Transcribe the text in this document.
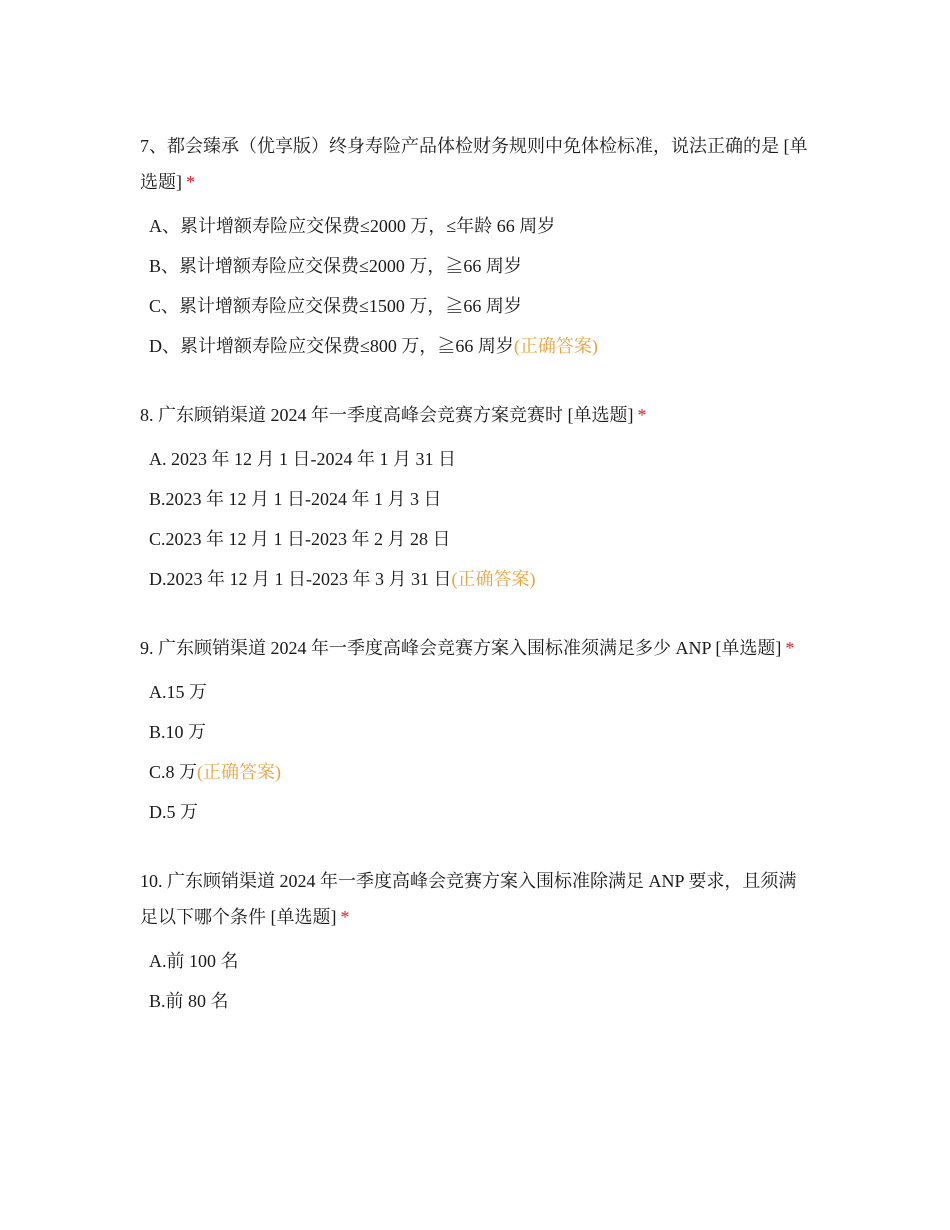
7、都会臻承（优享版）终身寿险产品体检财务规则中免体检标准，说法正确的是 [单选题] *

A、累计增额寿险应交保费≤2000 万，≤年龄 66 周岁
B、累计增额寿险应交保费≤2000 万，≧66 周岁
C、累计增额寿险应交保费≤1500 万，≧66 周岁
D、累计增额寿险应交保费≤800 万，≧66 周岁(正确答案)

8. 广东顾销渠道 2024 年一季度高峰会竞赛方案竞赛时 [单选题] *

A. 2023 年 12 月 1 日-2024 年 1 月 31 日
B.2023 年 12 月 1 日-2024 年 1 月 3 日
C.2023 年 12 月 1 日-2023 年 2 月 28 日
D.2023 年 12 月 1 日-2023 年 3 月 31 日(正确答案)

9. 广东顾销渠道 2024 年一季度高峰会竞赛方案入围标准须满足多少 ANP [单选题] *

A.15 万
B.10 万
C.8 万(正确答案)
D.5 万

10. 广东顾销渠道 2024 年一季度高峰会竞赛方案入围标准除满足 ANP 要求，且须满足以下哪个条件 [单选题] *

A.前 100 名
B.前 80 名
